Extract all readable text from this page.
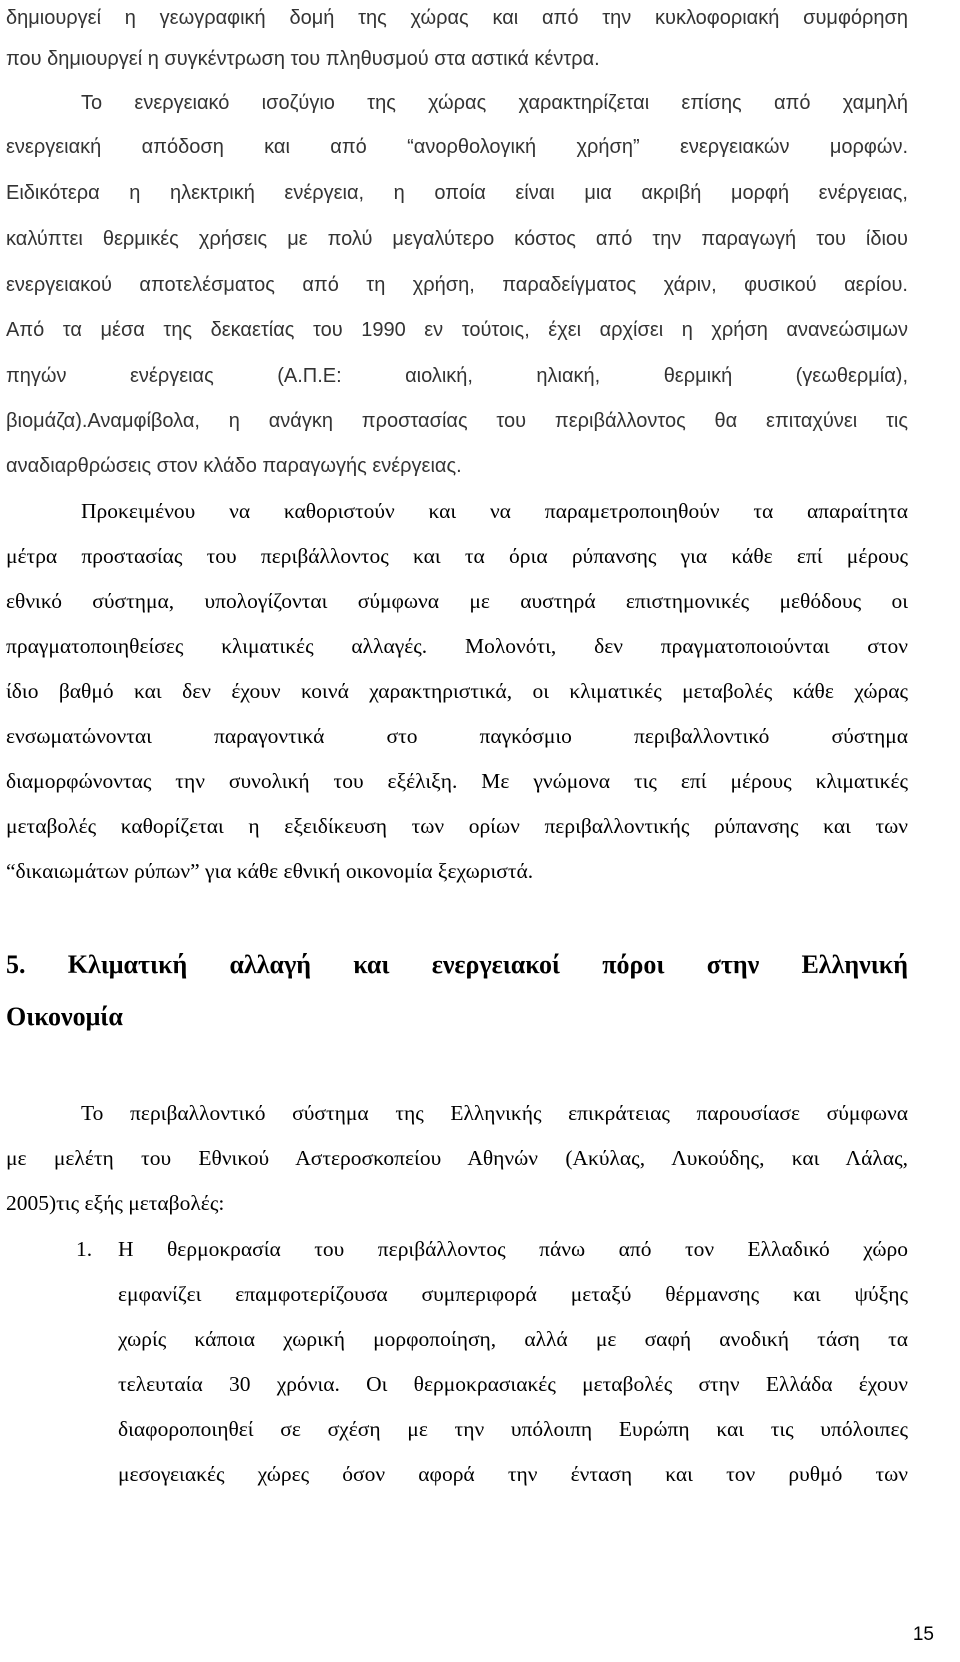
δημιουργεί η γεωγραφική δομή της χώρας και από την κυκλοφοριακή συμφόρηση
που δημιουργεί η συγκέντρωση του πληθυσμού στα αστικά κέντρα.
Το ενεργειακό ισοζύγιο της χώρας χαρακτηρίζεται επίσης από χαμηλή
ενεργειακή απόδοση και από “ανορθολογική χρήση” ενεργειακών μορφών.
Ειδικότερα η ηλεκτρική ενέργεια, η οποία είναι μια ακριβή μορφή ενέργειας,
καλύπτει θερμικές χρήσεις με πολύ μεγαλύτερο κόστος από την παραγωγή του ίδιου
ενεργειακού αποτελέσματος από τη χρήση, παραδείγματος χάριν, φυσικού αερίου.
Από τα μέσα της δεκαετίας του 1990 εν τούτοις, έχει αρχίσει η χρήση ανανεώσιμων
πηγών ενέργειας (Α.Π.Ε: αιολική, ηλιακή, θερμική (γεωθερμία),
βιομάζα).Αναμφίβολα, η ανάγκη προστασίας του περιβάλλοντος θα επιταχύνει τις
αναδιαρθρώσεις στον κλάδο παραγωγής ενέργειας.
Προκειμένου να καθοριστούν και να παραμετροποιηθούν τα απαραίτητα
μέτρα προστασίας του περιβάλλοντος και τα όρια ρύπανσης για κάθε επί μέρους
εθνικό σύστημα, υπολογίζονται σύμφωνα με αυστηρά επιστημονικές μεθόδους οι
πραγματοποιηθείσες κλιματικές αλλαγές. Μολονότι, δεν πραγματοποιούνται στον
ίδιο βαθμό και δεν έχουν κοινά χαρακτηριστικά, οι κλιματικές μεταβολές κάθε χώρας
ενσωματώνονται παραγοντικά στο παγκόσμιο περιβαλλοντικό σύστημα
διαμορφώνοντας την συνολική του εξέλιξη. Με γνώμονα τις επί μέρους κλιματικές
μεταβολές καθορίζεται η εξειδίκευση των ορίων περιβαλλοντικής ρύπανσης και των
“δικαιωμάτων ρύπων” για κάθε εθνική οικονομία ξεχωριστά.
5. Κλιματική αλλαγή και ενεργειακοί πόροι στην Ελληνική
Οικονομία
Το περιβαλλοντικό σύστημα της Ελληνικής επικράτειας παρουσίασε σύμφωνα
με μελέτη του Εθνικού Αστεροσκοπείου Αθηνών (Ακύλας, Λυκούδης, και Λάλας,
2005)τις εξής μεταβολές:
1.	Η θερμοκρασία του περιβάλλοντος πάνω από τον Ελλαδικό χώρο
εμφανίζει επαμφοτερίζουσα συμπεριφορά μεταξύ θέρμανσης και ψύξης
χωρίς κάποια χωρική μορφοποίηση, αλλά με σαφή ανοδική τάση τα
τελευταία 30 χρόνια. Οι θερμοκρασιακές μεταβολές στην Ελλάδα έχουν
διαφοροποιηθεί σε σχέση με την υπόλοιπη Ευρώπη και τις υπόλοιπες
μεσογειακές χώρες όσον αφορά την ένταση και τον ρυθμό των
15
